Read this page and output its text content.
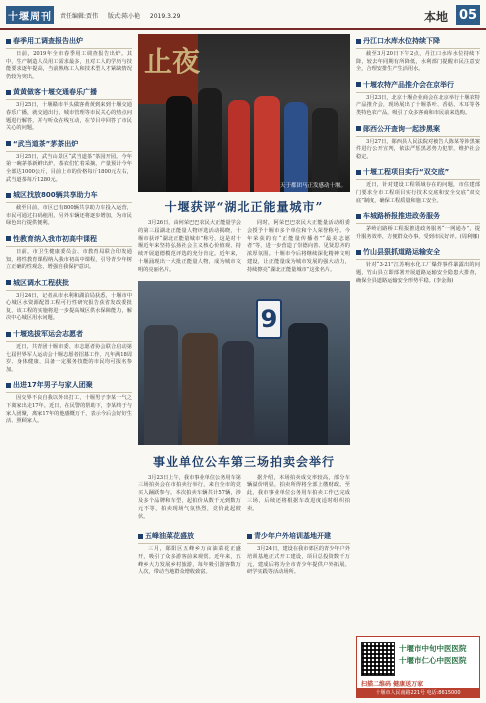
十堰周刊	责任编辑:贾伟 版式:陈小艳 2019.3.29	本地 05
春季用工调查报告出炉
日前，2019年全市春季用工调查报告出炉。其中，生产制造人员用工需求最多，且对工人的学历与技能要求逐年提高，当前熟练工人和技术型人才紧缺情况仍较为突出。
黄黄做客十堰交通春乐广播
3月25日，十堰赣市半头做客黄黄到来到十堰交通春乐广播，就交通出行、城市管理等市民关心的热点问题进行解答，并与听众在线互动，在节目中回答了市民关心的问题。
“武当道茶”茅茶出炉
3月25日，武当山景区“武当道茶”茶园开园。今年第一碗茅茶新鲜出炉，茶农们忙着采摘，产量预计今年全部达1000公斤，目前上市的价格每斤1800元左右，武当道茶每斤1280元。
城区找放800辆共享助力车
截至目前，市区已有800辆共享助力车投入运营，市民可通过扫码租用，另外车辆还将逐步增加，为市民绿色出行提供便利。
性教育纳入我市初高中课程
日前，市卫生健康委员会、市教育局联合印发通知，将性教育课程纳入我市初高中课程，引导青少年树立正确的性观念，增强自我保护意识。
城区调水工程获批
3月24日，记者从市水利和湖泊局获悉，十堰市中心城区水资源配置工程可行性研究报告获省发改委批复，该工程的实施将进一步提高城区供水保障能力，解决中心城区用水问题。
十堰选拔军运会志愿者
近日，共青团十堰市委、市志愿者协会联合启动第七届世界军人运动会十堰志愿者招募工作，凡年满18周岁、身体健康、具备一定服务技能的市民均可报名参加。
出进17年男子与家人团聚
因交界不良自我以外出打工，十堰男子李某一气之下离家出走17年。近日，在民警的帮助下，李某终于与家人团聚，离家17年的他感慨万千，表示今后会好好生活、照顾家人。
止夜
天于都团马正发感动十堰。
十堰获评“湖北正能量城市”
3月26日，由何荣巴巴农民大正能量学会的第三届湖北正能量人物评选活动揭晓，十堰市获评“湖北正能量城市”称号，这是对十堰近年来坚持弘扬社会主义核心价值观、持续开展道德模范评选的充分肯定。近年来，十堰涌现出一大批正能量人物，成为城市文明的亮丽名片。
同时，阿荣巴巴农民大正能量活动组委会授予十堰市多个单位和个人荣誉称号。今年荣获的有“正能量传播者”“最美志愿者”等，进一步营造了崇德向善、见贤思齐的浓厚氛围。十堰市今后将继续深化精神文明建设，让正能量成为城市发展的强大动力，持续擦亮“湖北正能量城市”这张名片。
9
事业单位公车第三场拍卖会举行
3月23日上午，我市事业单位公务用车第三场拍卖会在市拍卖行举行，来自全市的竞买人踊跃参与。本次拍卖车辆共计57辆，涉及多个品牌和车型，起拍价从数千元到数万元不等，拍卖现场气氛热烈，竞价此起彼伏。
据介绍，本场拍卖成交率较高，部分车辆溢价明显，拍卖所得将全部上缴财政。至此，我市事业单位公务用车拍卖工作已完成三场，后续还将根据车改进度适时组织拍卖。
五峰油菜花盛放
三月，郧阳区五峰乡万亩油菜花正盛开，吸引了众多游客前来观赏。近年来，五峰乡大力发展乡村旅游，每年吸引游客数万人次，带动当地群众增收致富。
青少年户外培训基地开建
3月24日，建设在我市郊区的青少年户外培训基地正式开工建设，项目总投资数千万元，建成后将为全市青少年提供户外拓展、研学实践等活动场所。
丹江口水库水位持续下降
截至3月20日下午2点，丹江口水库水位持续下降，较去年同期有所降低，水利部门提醒市民注意安全，合理安排生产生活用水。
十堰农特产品推介会在京举行
3月23日，北京十堰企业商会在北京举行十堰农特产品推介会，现场展出了十堰茶叶、香菇、木耳等各类特色农产品，吸引了众多客商和市民前来选购。
郧西公开查询一起涉黑案
3月27日，郧西县人民法院对被告人陈某等涉黑案件进行公开宣判，依法严惩黑恶势力犯罪，维护社会稳定。
十堰工程项目实行“双交底”
近日，针对建设工程领域存在的问题，市住建部门要求全市工程项目实行技术交底和安全交底“双交底”制度，确保工程质量和施工安全。
车城路桥报推进政务服务
茅岭启路桥工程报推进政务服务“一网通办”，提升服务效率，方便群众办事，受到市民好评。(周利娜)
竹山县狠抓道路运输安全
针对“3·21”江苏响水化工厂爆炸事件暴露出的问题，竹山县立即部署开展道路运输安全隐患大排查，确保全县道路运输安全形势平稳。(李金海)
十堰市中旬中医医院
十堰市仁心中医医院
扫描二维码 健康送万家
十堰市人民南路221号 电话:8615000
